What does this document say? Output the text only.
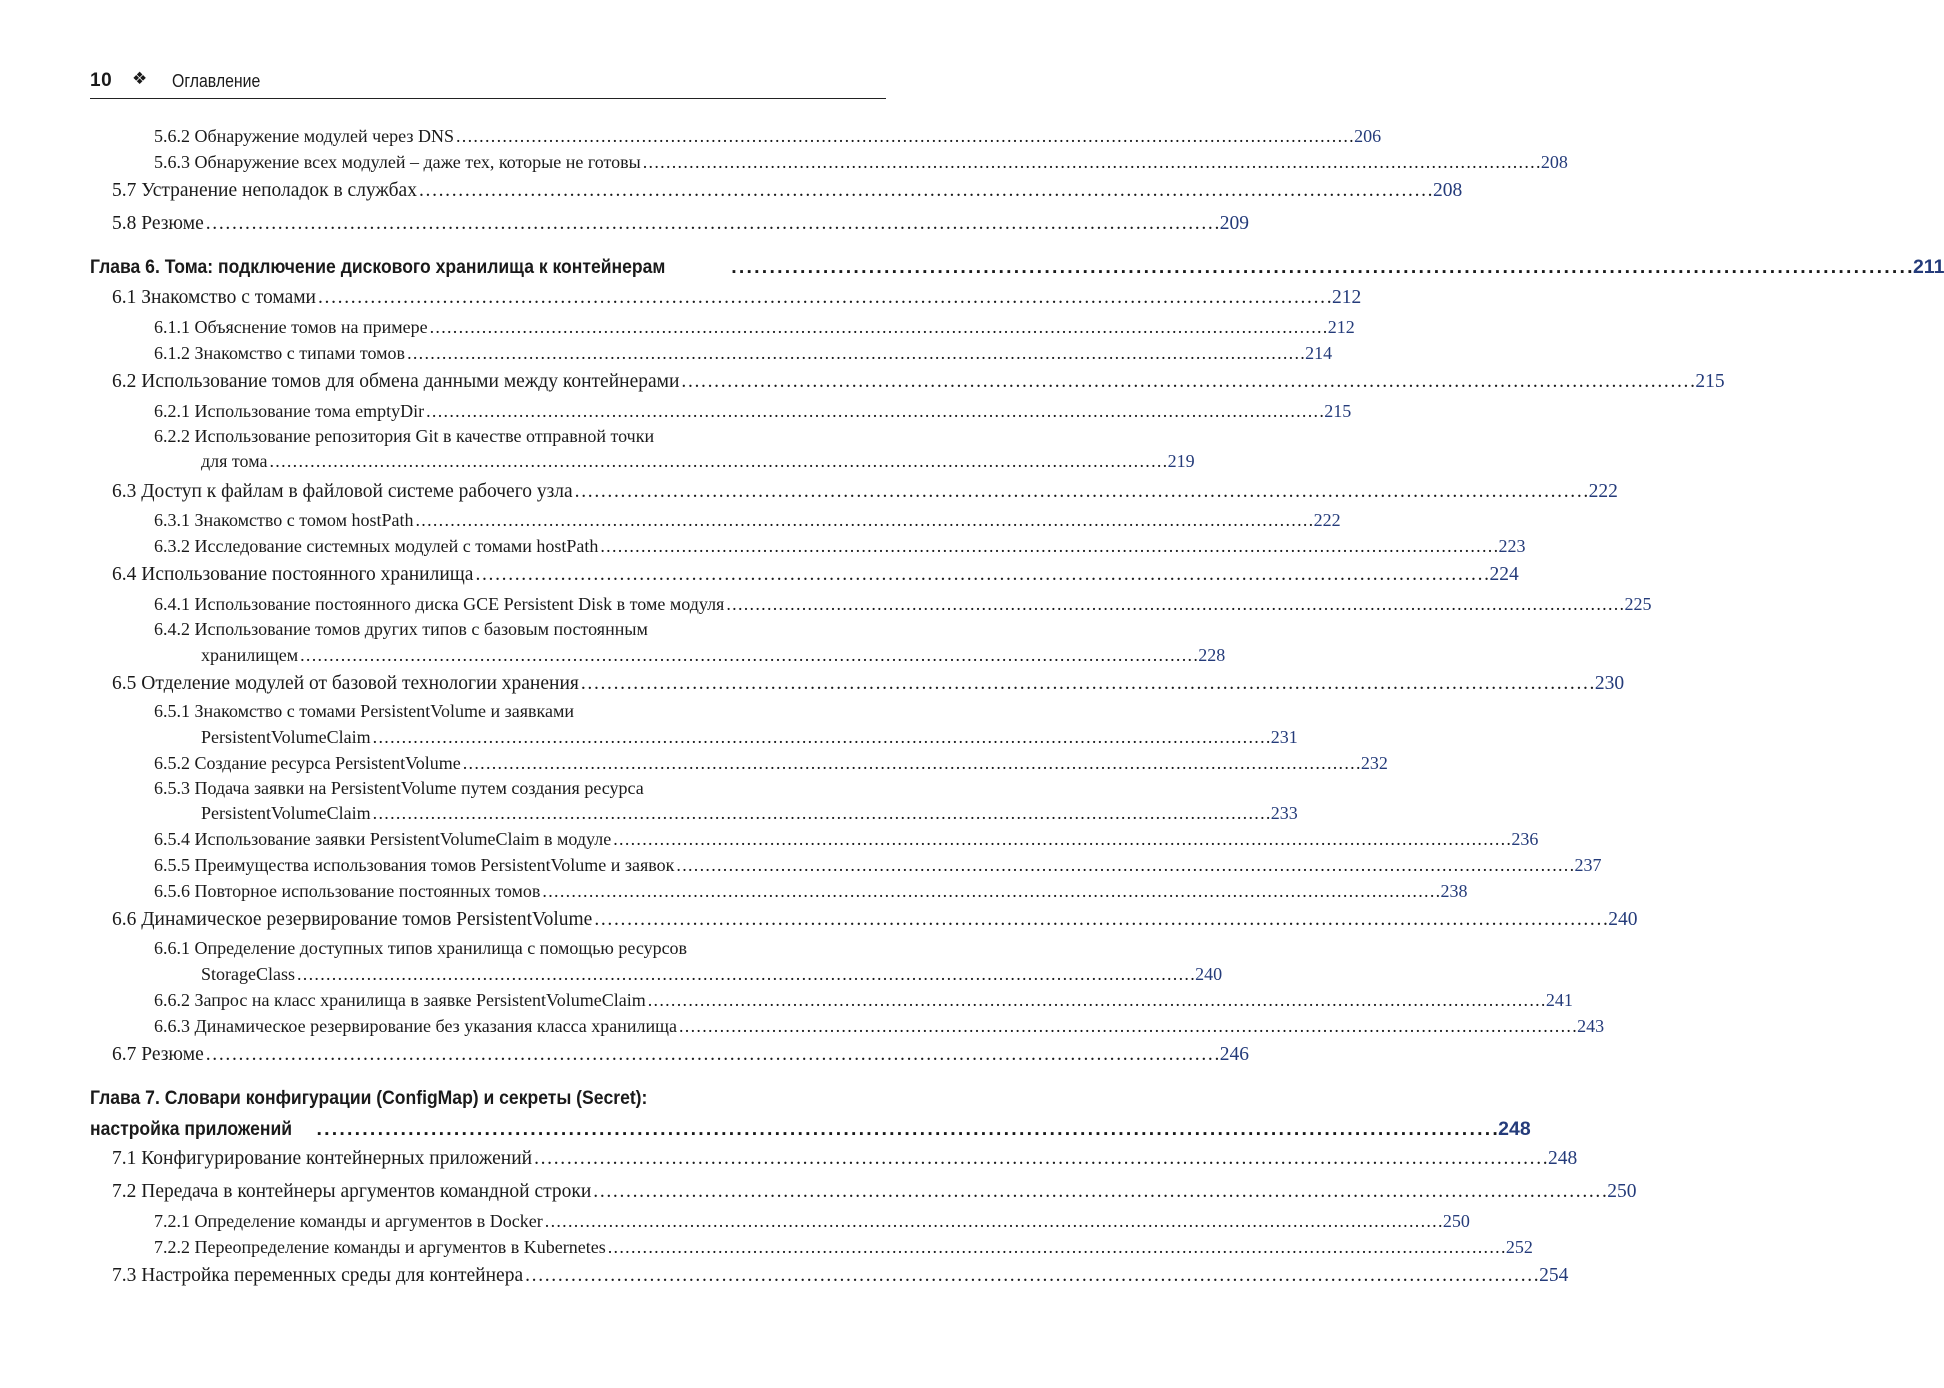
10 ❖ Оглавление
5.6.2 Обнаружение модулей через DNS . . .	206
5.6.3 Обнаружение всех модулей – даже тех, которые не готовы . . .	208
5.7 Устранение неполадок в службах . . .	208
5.8 Резюме . . .	209
Глава 6. Тома: подключение дискового хранилища к контейнерам . . .	211
6.1 Знакомство с томами . . .	212
6.1.1 Объяснение томов на примере . . .	212
6.1.2 Знакомство с типами томов . . .	214
6.2 Использование томов для обмена данными между контейнерами . . .	215
6.2.1 Использование тома emptyDir . . .	215
6.2.2 Использование репозитория Git в качестве отправной точки
для тома . . .	219
6.3 Доступ к файлам в файловой системе рабочего узла . . .	222
6.3.1 Знакомство с томом hostPath . . .	222
6.3.2 Исследование системных модулей с томами hostPath . . .	223
6.4 Использование постоянного хранилища . . .	224
6.4.1 Использование постоянного диска GCE Persistent Disk в томе модуля . . .	225
6.4.2 Использование томов других типов с базовым постоянным
хранилищем . . .	228
6.5 Отделение модулей от базовой технологии хранения . . .	230
6.5.1 Знакомство с томами PersistentVolume и заявками
PersistentVolumeClaim . . .	231
6.5.2 Создание ресурса PersistentVolume . . .	232
6.5.3 Подача заявки на PersistentVolume путем создания ресурса
PersistentVolumeClaim . . .	233
6.5.4 Использование заявки PersistentVolumeClaim в модуле . . .	236
6.5.5 Преимущества использования томов PersistentVolume и заявок . . .	237
6.5.6 Повторное использование постоянных томов . . .	238
6.6 Динамическое резервирование томов PersistentVolume . . .	240
6.6.1 Определение доступных типов хранилища с помощью ресурсов
StorageClass . . .	240
6.6.2 Запрос на класс хранилища в заявке PersistentVolumeClaim . . .	241
6.6.3 Динамическое резервирование без указания класса хранилища . . .	243
6.7 Резюме . . .	246
Глава 7. Словари конфигурации (ConfigMap) и секреты (Secret):
настройка приложений . . .	248
7.1 Конфигурирование контейнерных приложений . . .	248
7.2 Передача в контейнеры аргументов командной строки . . .	250
7.2.1 Определение команды и аргументов в Docker . . .	250
7.2.2 Переопределение команды и аргументов в Kubernetes . . .	252
7.3 Настройка переменных среды для контейнера . . .	254
